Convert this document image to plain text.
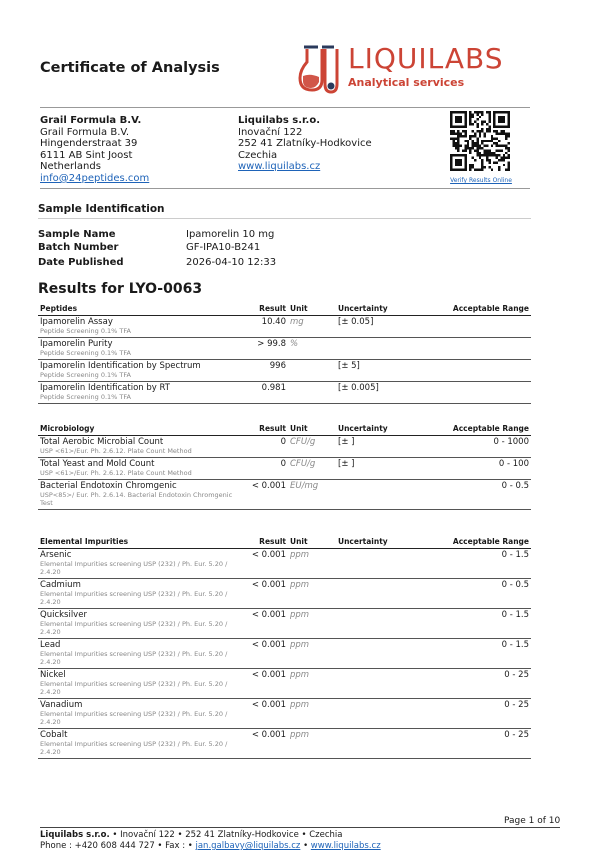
Certificate of Analysis	LIQUILABS
Analytical services
Grail Formula B.V.
Grail Formula B.V.
Hingenderstraat 39
6111 AB Sint Joost
Netherlands
info@24peptides.com
Liquilabs s.r.o.
Inovační 122
252 41 Zlatníky-Hodkovice
Czechia
www.liquilabs.cz
Verify Results Online
Sample Identification
Sample Name	Ipamorelin 10 mg
Batch Number	GF-IPA10-B241
Date Published	2026-04-10 12:33
Results for LYO-0063
Peptides	Result	Unit	Uncertainty	Acceptable Range
Ipamorelin Assay
Peptide Screening 0.1% TFA	10.40	mg	[± 0.05]	
Ipamorelin Purity
Peptide Screening 0.1% TFA	> 99.8	%		
Ipamorelin Identification by Spectrum
Peptide Screening 0.1% TFA	996		[± 5]	
Ipamorelin Identification by RT
Peptide Screening 0.1% TFA	0.981		[± 0.005]	
Microbiology	Result	Unit	Uncertainty	Acceptable Range
Total Aerobic Microbial Count
USP <61>/Eur. Ph. 2.6.12. Plate Count Method	0	CFU/g	[± ]	0 - 1000
Total Yeast and Mold Count
USP <61>/Eur. Ph. 2.6.12. Plate Count Method	0	CFU/g	[± ]	0 - 100
Bacterial Endotoxin Chromgenic
USP<85>/ Eur. Ph. 2.6.14. Bacterial Endotoxin Chromgenic Test	< 0.001	EU/mg		0 - 0.5
Elemental Impurities	Result	Unit	Uncertainty	Acceptable Range
Arsenic
Elemental Impurities screening USP (232) / Ph. Eur. 5.20 / 2.4.20	< 0.001	ppm		0 - 1.5
Cadmium
Elemental Impurities screening USP (232) / Ph. Eur. 5.20 / 2.4.20	< 0.001	ppm		0 - 0.5
Quicksilver
Elemental Impurities screening USP (232) / Ph. Eur. 5.20 / 2.4.20	< 0.001	ppm		0 - 1.5
Lead
Elemental Impurities screening USP (232) / Ph. Eur. 5.20 / 2.4.20	< 0.001	ppm		0 - 1.5
Nickel
Elemental Impurities screening USP (232) / Ph. Eur. 5.20 / 2.4.20	< 0.001	ppm		0 - 25
Vanadium
Elemental Impurities screening USP (232) / Ph. Eur. 5.20 / 2.4.20	< 0.001	ppm		0 - 25
Cobalt
Elemental Impurities screening USP (232) / Ph. Eur. 5.20 / 2.4.20	< 0.001	ppm		0 - 25
Page 1 of 10
Liquilabs s.r.o. • Inovační 122 • 252 41 Zlatníky-Hodkovice • Czechia
Phone : +420 608 444 727 • Fax : • jan.galbavy@liquilabs.cz • www.liquilabs.cz
